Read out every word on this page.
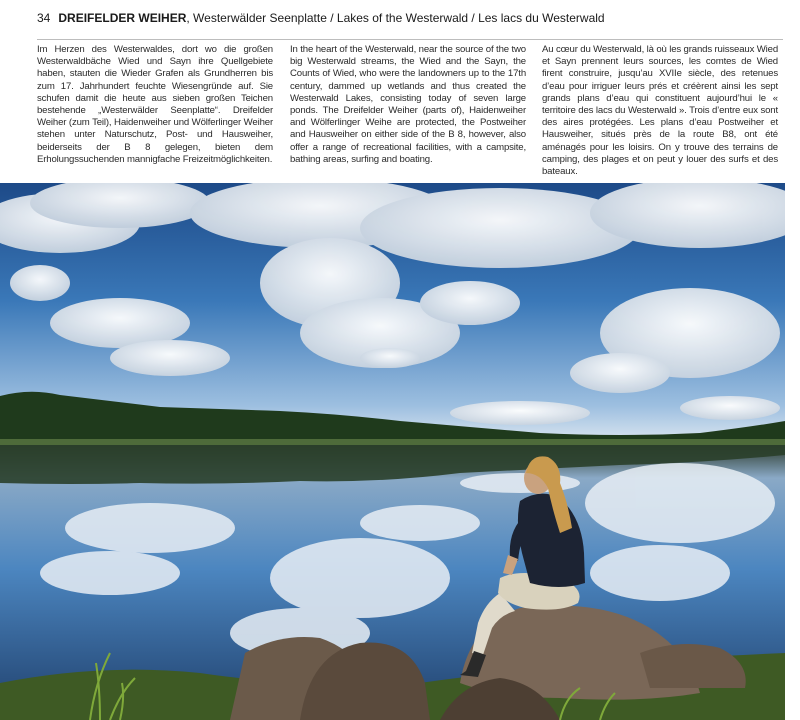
34 DREIFELDER WEIHER, Westerwälder Seenplatte / Lakes of the Westerwald / Les lacs du Westerwald
Im Herzen des Westerwaldes, dort wo die großen Westerwaldbäche Wied und Sayn ihre Quellgebiete haben, stauten die Wieder Grafen als Grundherren bis zum 17. Jahrhundert feuchte Wiesengründe auf. Sie schufen damit die heute aus sieben großen Teichen bestehende „Westerwälder Seenplatte“. Dreifelder Weiher (zum Teil), Haidenweiher und Wölferlinger Weiher stehen unter Naturschutz, Post- und Hausweiher, beiderseits der B 8 gelegen, bieten dem Erholungssuchenden mannigfache Freizeitmöglichkeiten.
In the heart of the Westerwald, near the source of the two big Westerwald streams, the Wied and the Sayn, the Counts of Wied, who were the landowners up to the 17th century, dammed up wetlands and thus created the Westerwald Lakes, consisting today of seven large ponds. The Dreifelder Weiher (parts of), Haidenweiher and Wölferlinger Weihe are protected, the Postweiher and Hausweiher on either side of the B 8, however, also offer a range of recreational facilities, with a campsite, bathing areas, surfing and boating.
Au cœur du Westerwald, là où les grands ruisseaux Wied et Sayn prennent leurs sources, les comtes de Wied firent construire, jusqu’au XVIIe siècle, des retenues d’eau pour irriguer leurs prés et créèrent ainsi les sept grands plans d’eau qui constituent aujourd’hui le « territoire des lacs du Westerwald ». Trois d’entre eux sont des aires protégées. Les plans d’eau Postweiher et Hausweiher, situés près de la route B8, ont été aménagés pour les loisirs. On y trouve des terrains de camping, des plages et on peut y louer des surfs et des bateaux.
